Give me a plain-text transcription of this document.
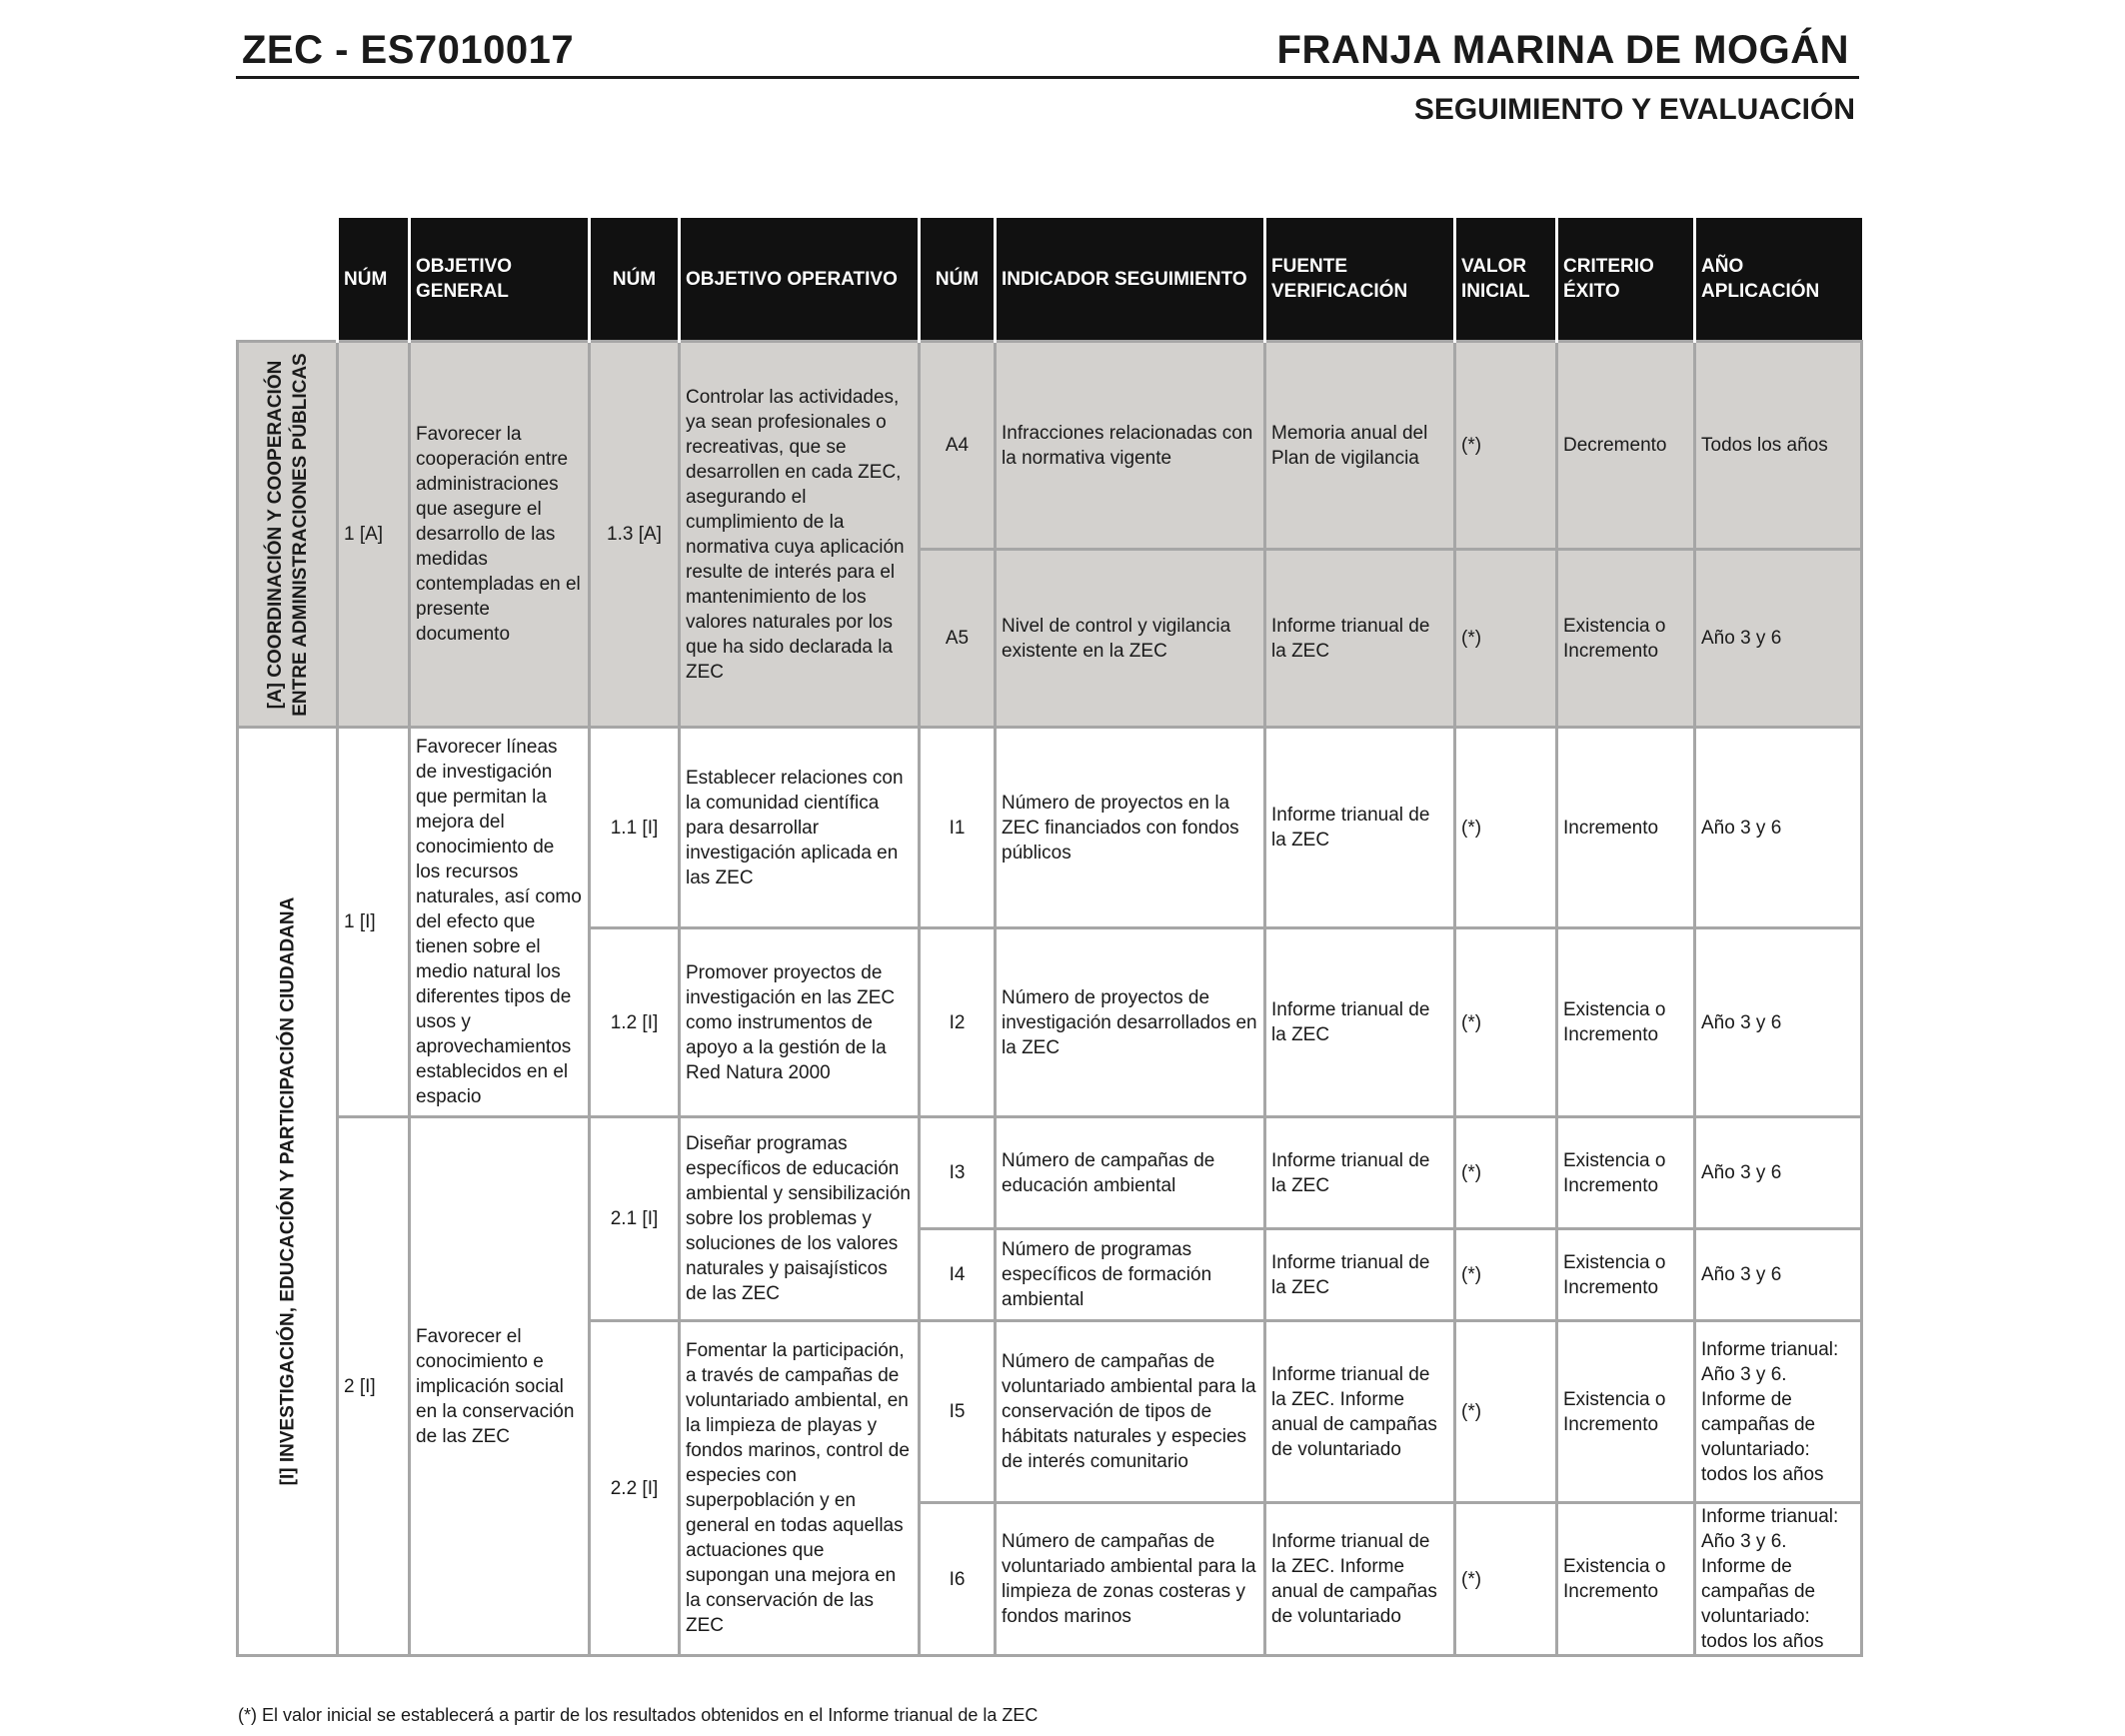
ZEC - ES7010017	FRANJA MARINA DE MOGÁN
SEGUIMIENTO Y EVALUACIÓN
	NÚM	OBJETIVO GENERAL	NÚM	OBJETIVO OPERATIVO	NÚM	INDICADOR SEGUIMIENTO	FUENTE VERIFICACIÓN	VALOR INICIAL	CRITERIO ÉXITO	AÑO APLICACIÓN

[A] COORDINACIÓN Y COOPERACIÓN
ENTRE ADMINISTRACIONES PÚBLICAS	1 [A]	Favorecer la cooperación entre administraciones que asegure el desarrollo de las medidas contempladas en el presente documento	1.3 [A]	Controlar las actividades, ya sean profesionales o recreativas, que se desarrollen en cada ZEC, asegurando el cumplimiento de la normativa cuya aplicación resulte de interés para el mantenimiento de los valores naturales por los que ha sido declarada la ZEC	A4	Infracciones relacionadas con la normativa vigente	Memoria anual del Plan de vigilancia	(*)	Decremento	Todos los años
					A5	Nivel de control y vigilancia existente en la ZEC	Informe trianual de la ZEC	(*)	Existencia o Incremento	Año 3 y 6

[I] INVESTIGACIÓN, EDUCACIÓN Y PARTICIPACIÓN CIUDADANA	1 [I]	Favorecer líneas de investigación que permitan la mejora del conocimiento de los recursos naturales, así como del efecto que tienen sobre el medio natural los diferentes tipos de usos y aprovechamientos establecidos en el espacio	1.1 [I]	Establecer relaciones con la comunidad científica para desarrollar investigación aplicada en las ZEC	I1	Número de proyectos en la ZEC financiados con fondos públicos	Informe trianual de la ZEC	(*)	Incremento	Año 3 y 6
			1.2 [I]	Promover proyectos de investigación en las ZEC como instrumentos de apoyo a la gestión de la Red Natura 2000	I2	Número de proyectos de investigación desarrollados en la ZEC	Informe trianual de la ZEC	(*)	Existencia o Incremento	Año 3 y 6
	2 [I]	Favorecer el conocimiento e implicación social en la conservación de las ZEC	2.1 [I]	Diseñar programas específicos de educación ambiental y sensibilización sobre los problemas y soluciones de los valores naturales y paisajísticos de las ZEC	I3	Número de campañas de educación ambiental	Informe trianual de la ZEC	(*)	Existencia o Incremento	Año 3 y 6
					I4	Número de programas específicos de formación ambiental	Informe trianual de la ZEC	(*)	Existencia o Incremento	Año 3 y 6
			2.2 [I]	Fomentar la participación, a través de campañas de voluntariado ambiental, en la limpieza de playas y fondos marinos, control de especies con superpoblación y en general en todas aquellas actuaciones que supongan una mejora en la conservación de las ZEC	I5	Número de campañas de voluntariado ambiental para la conservación de tipos de hábitats naturales y especies de interés comunitario	Informe trianual de la ZEC. Informe anual de campañas de voluntariado	(*)	Existencia o Incremento	Informe trianual: Año 3 y 6. Informe de campañas de voluntariado: todos los años
					I6	Número de campañas de voluntariado ambiental para la limpieza de zonas costeras y fondos marinos	Informe trianual de la ZEC. Informe anual de campañas de voluntariado	(*)	Existencia o Incremento	Informe trianual: Año 3 y 6. Informe de campañas de voluntariado: todos los años
(*) El valor inicial se establecerá a partir de los resultados obtenidos en el Informe trianual de la ZEC
